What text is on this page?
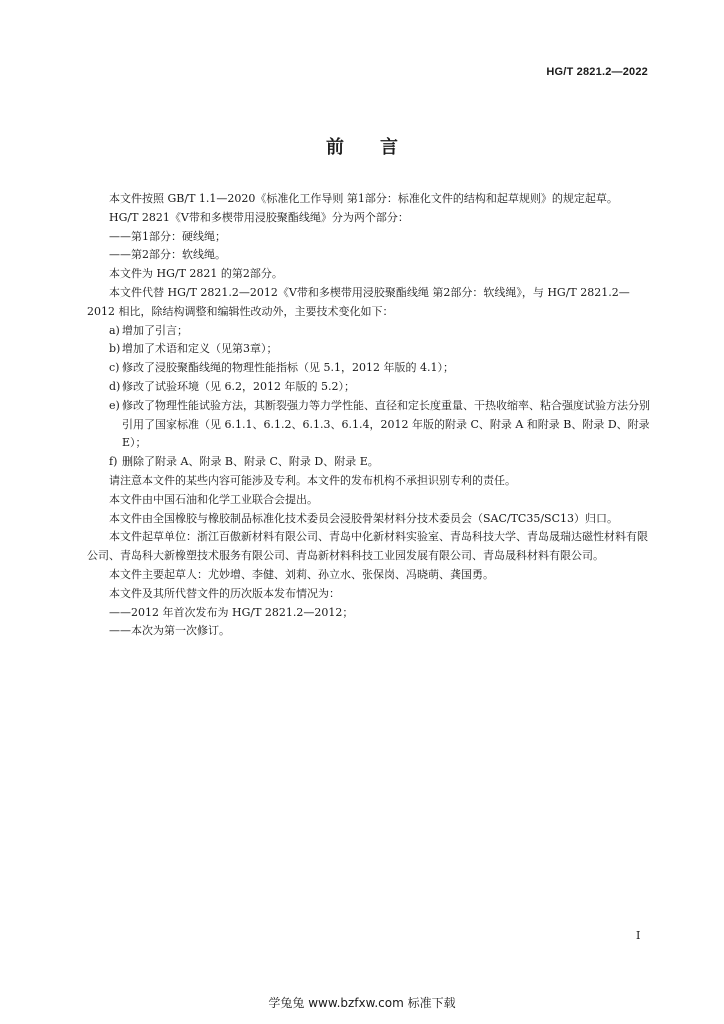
HG/T 2821.2—2022
前言

本文件按照 GB/T 1.1—2020《标准化工作导则 第1部分：标准化文件的结构和起草规则》的规定起草。

HG/T 2821《V带和多楔带用浸胶聚酯线绳》分为两个部分：

——第1部分：硬线绳；

——第2部分：软线绳。

本文件为 HG/T 2821 的第2部分。

本文件代替 HG/T 2821.2—2012《V带和多楔带用浸胶聚酯线绳 第2部分：软线绳》，与 HG/T 2821.2—2012 相比，除结构调整和编辑性改动外，主要技术变化如下：

a) 增加了引言；
b) 增加了术语和定义（见第3章）；
c) 修改了浸胶聚酯线绳的物理性能指标（见 5.1，2012 年版的 4.1）；
d) 修改了试验环境（见 6.2，2012 年版的 5.2）；
e) 修改了物理性能试验方法，其断裂强力等力学性能、直径和定长度重量、干热收缩率、粘合强度试验方法分别引用了国家标准（见 6.1.1、6.1.2、6.1.3、6.1.4，2012 年版的附录 C、附录 A 和附录 B、附录 D、附录 E）；
f) 删除了附录 A、附录 B、附录 C、附录 D、附录 E。

请注意本文件的某些内容可能涉及专利。本文件的发布机构不承担识别专利的责任。

本文件由中国石油和化学工业联合会提出。

本文件由全国橡胶与橡胶制品标准化技术委员会浸胶骨架材料分技术委员会（SAC/TC35/SC13）归口。

本文件起草单位：浙江百傲新材料有限公司、青岛中化新材料实验室、青岛科技大学、青岛晟瑞达磁性材料有限公司、青岛科大新橡塑技术服务有限公司、青岛新材料科技工业园发展有限公司、青岛晟科材料有限公司。

本文件主要起草人：尤妙增、李健、刘莉、孙立水、张保岗、冯晓萌、龚国勇。

本文件及其所代替文件的历次版本发布情况为：

——2012 年首次发布为 HG/T 2821.2—2012；

——本次为第一次修订。

I
学兔兔 www.bzfxw.com 标准下载
